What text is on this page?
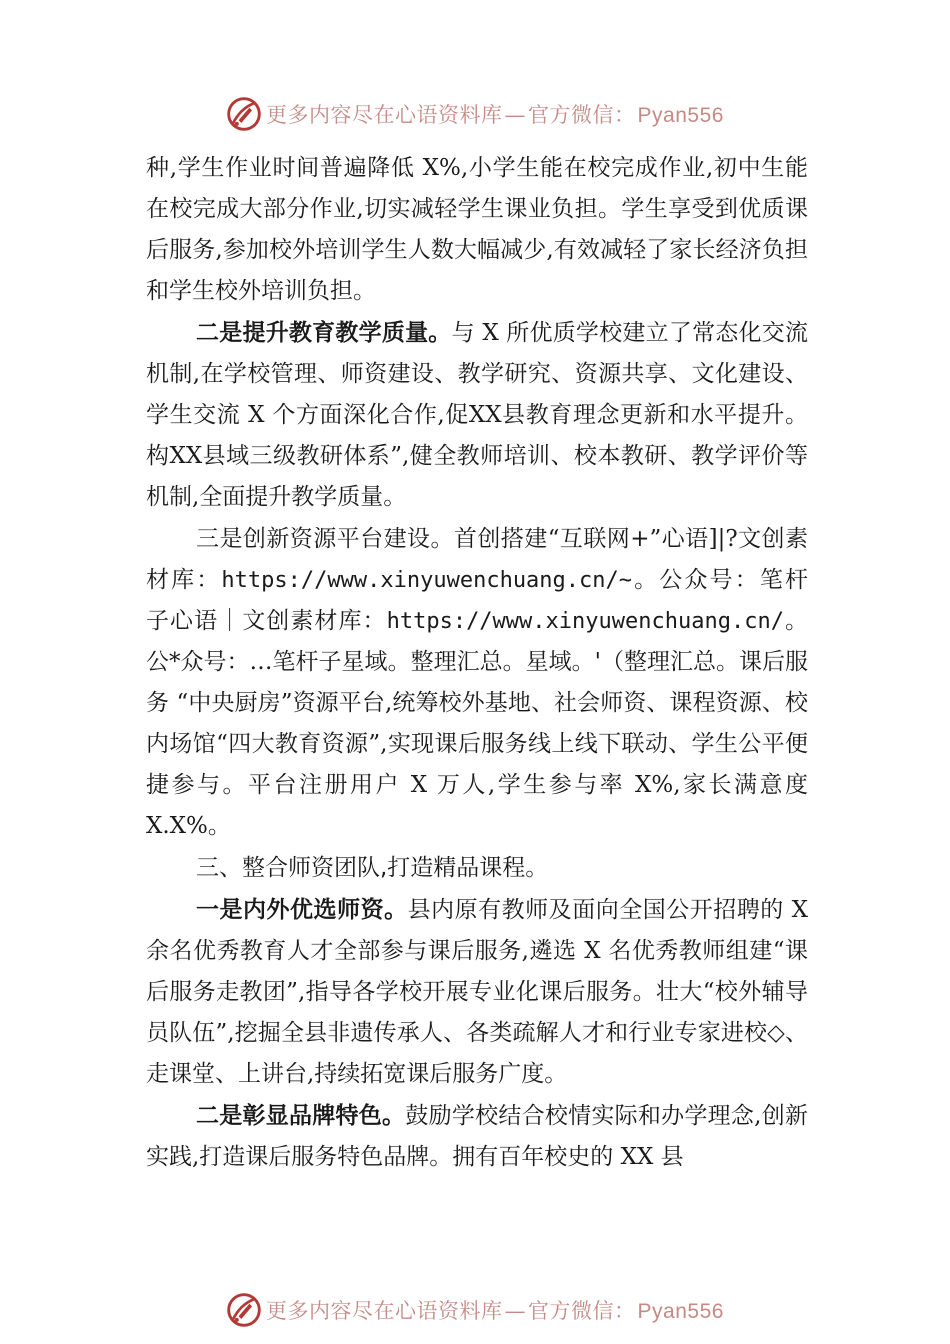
更多内容尽在心语资料库—官方微信：Pyan556

种,学生作业时间普遍降低 X%,小学生能在校完成作业,初中生能在校完成大部分作业,切实减轻学生课业负担。学生享受到优质课后服务,参加校外培训学生人数大幅减少,有效减轻了家长经济负担和学生校外培训负担。

二是提升教育教学质量。与 X 所优质学校建立了常态化交流机制,在学校管理、师资建设、教学研究、资源共享、文化建设、学生交流 X 个方面深化合作,促XX县教育理念更新和水平提升。构XX县域三级教研体系”,健全教师培训、校本教研、教学评价等机制,全面提升教学质量。

三是创新资源平台建设。首创搭建“互联网+”心语]|?文创素材库：https://www.xinyuwenchuang.cn/~。公众号：笔杆子心语｜文创素材库：https://www.xinyuwenchuang.cn/。公*众号：…笔杆子星域。整理汇总。星域。'（整理汇总。课后服务 “中央厨房”资源平台,统筹校外基地、社会师资、课程资源、校内场馆“四大教育资源”,实现课后服务线上线下联动、学生公平便捷参与。平台注册用户 X 万人,学生参与率 X%,家长满意度 X.X%。

三、整合师资团队,打造精品课程。

一是内外优选师资。县内原有教师及面向全国公开招聘的 X 余名优秀教育人才全部参与课后服务,遴选 X 名优秀教师组建“课后服务走教团”,指导各学校开展专业化课后服务。壮大“校外辅导员队伍”,挖掘全县非遗传承人、各类疏解人才和行业专家进校◇、走课堂、上讲台,持续拓宽课后服务广度。

二是彰显品牌特色。鼓励学校结合校情实际和办学理念,创新实践,打造课后服务特色品牌。拥有百年校史的 XX 县

更多内容尽在心语资料库—官方微信：Pyan556
